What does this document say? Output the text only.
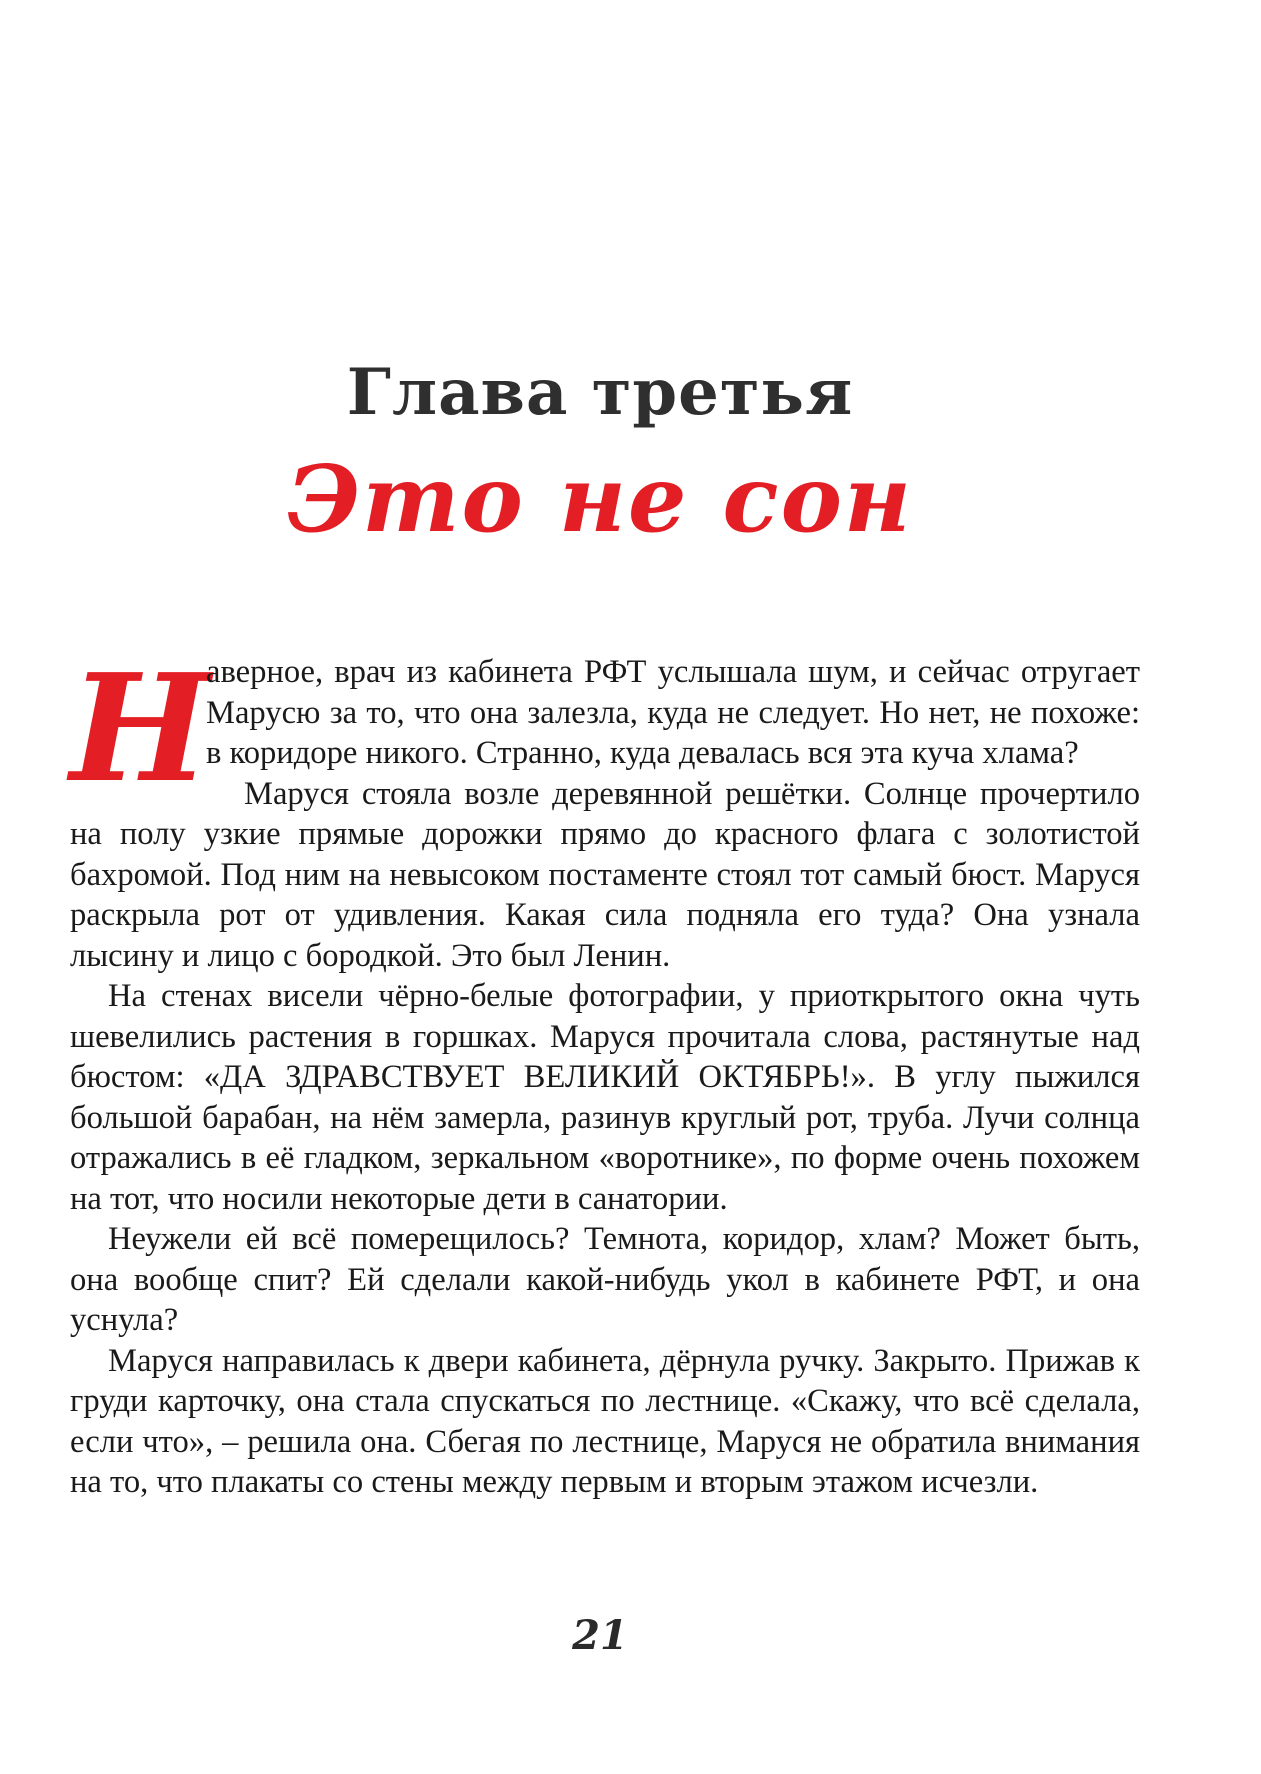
Глава третья
Это не сон

Н
аверное, врач из кабинета РФТ услышала шум, и сейчас отругает Марусю за то, что она залезла, куда не следует. Но нет, не похоже: в коридоре никого. Странно, куда девалась вся эта куча хлама?

Маруся стояла возле деревянной решётки. Солнце прочертило на полу узкие прямые дорожки прямо до красного флага с золотистой бахромой. Под ним на невысоком постаменте стоял тот самый бюст. Маруся раскрыла рот от удивления. Какая сила подняла его туда? Она узнала лысину и лицо с бородкой. Это был Ленин.

На стенах висели чёрно-белые фотографии, у приоткрытого окна чуть шевелились растения в горшках. Маруся прочитала слова, растянутые над бюстом: «ДА ЗДРАВСТВУЕТ ВЕЛИКИЙ ОКТЯБРЬ!». В углу пыжился большой барабан, на нём замерла, разинув круглый рот, труба. Лучи солнца отражались в её гладком, зеркальном «воротнике», по форме очень похожем на тот, что носили некоторые дети в санатории.

Неужели ей всё померещилось? Темнота, коридор, хлам? Может быть, она вообще спит? Ей сделали какой-нибудь укол в кабинете РФТ, и она уснула?

Маруся направилась к двери кабинета, дёрнула ручку. Закрыто. Прижав к груди карточку, она стала спускаться по лестнице. «Скажу, что всё сделала, если что», – решила она. Сбегая по лестнице, Маруся не обратила внимания на то, что плакаты со стены между первым и вторым этажом исчезли.

21
